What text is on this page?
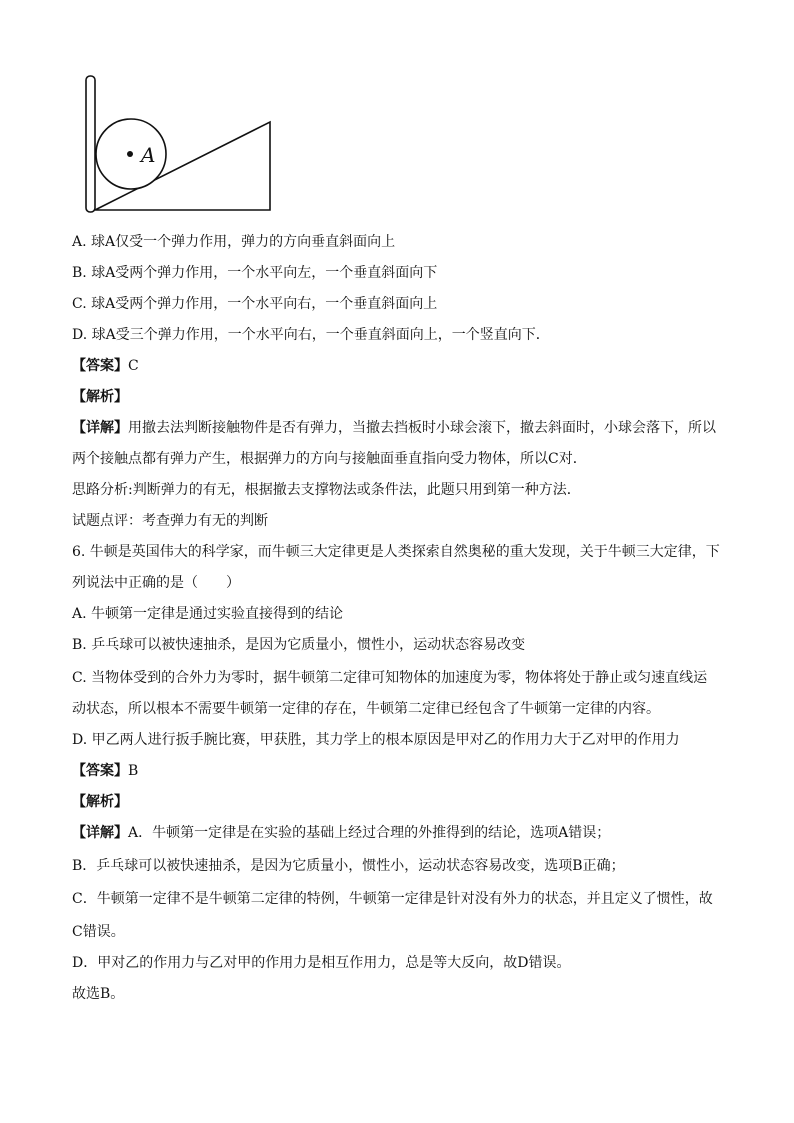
A
A. 球A仅受一个弹力作用，弹力的方向垂直斜面向上
B. 球A受两个弹力作用，一个水平向左，一个垂直斜面向下
C. 球A受两个弹力作用，一个水平向右，一个垂直斜面向上
D. 球A受三个弹力作用，一个水平向右，一个垂直斜面向上，一个竖直向下．
【答案】C
【解析】
【详解】用撤去法判断接触物件是否有弹力，当撤去挡板时小球会滚下，撤去斜面时，小球会落下，所以
两个接触点都有弹力产生，根据弹力的方向与接触面垂直指向受力物体，所以C对．
思路分析:判断弹力的有无，根据撤去支撑物法或条件法，此题只用到第一种方法．
试题点评：考查弹力有无的判断
6. 牛顿是英国伟大的科学家，而牛顿三大定律更是人类探索自然奥秘的重大发现，关于牛顿三大定律，下
列说法中正确的是（　　）
A. 牛顿第一定律是通过实验直接得到的结论
B. 乒乓球可以被快速抽杀，是因为它质量小，惯性小，运动状态容易改变
C. 当物体受到的合外力为零时，据牛顿第二定律可知物体的加速度为零，物体将处于静止或匀速直线运
动状态，所以根本不需要牛顿第一定律的存在，牛顿第二定律已经包含了牛顿第一定律的内容。
D. 甲乙两人进行扳手腕比赛，甲获胜，其力学上的根本原因是甲对乙的作用力大于乙对甲的作用力
【答案】B
【解析】
【详解】A．牛顿第一定律是在实验的基础上经过合理的外推得到的结论，选项A错误；
B．乒乓球可以被快速抽杀，是因为它质量小，惯性小，运动状态容易改变，选项B正确；
C．牛顿第一定律不是牛顿第二定律的特例，牛顿第一定律是针对没有外力的状态，并且定义了惯性，故
C错误。
D．甲对乙的作用力与乙对甲的作用力是相互作用力，总是等大反向，故D错误。
故选B。
